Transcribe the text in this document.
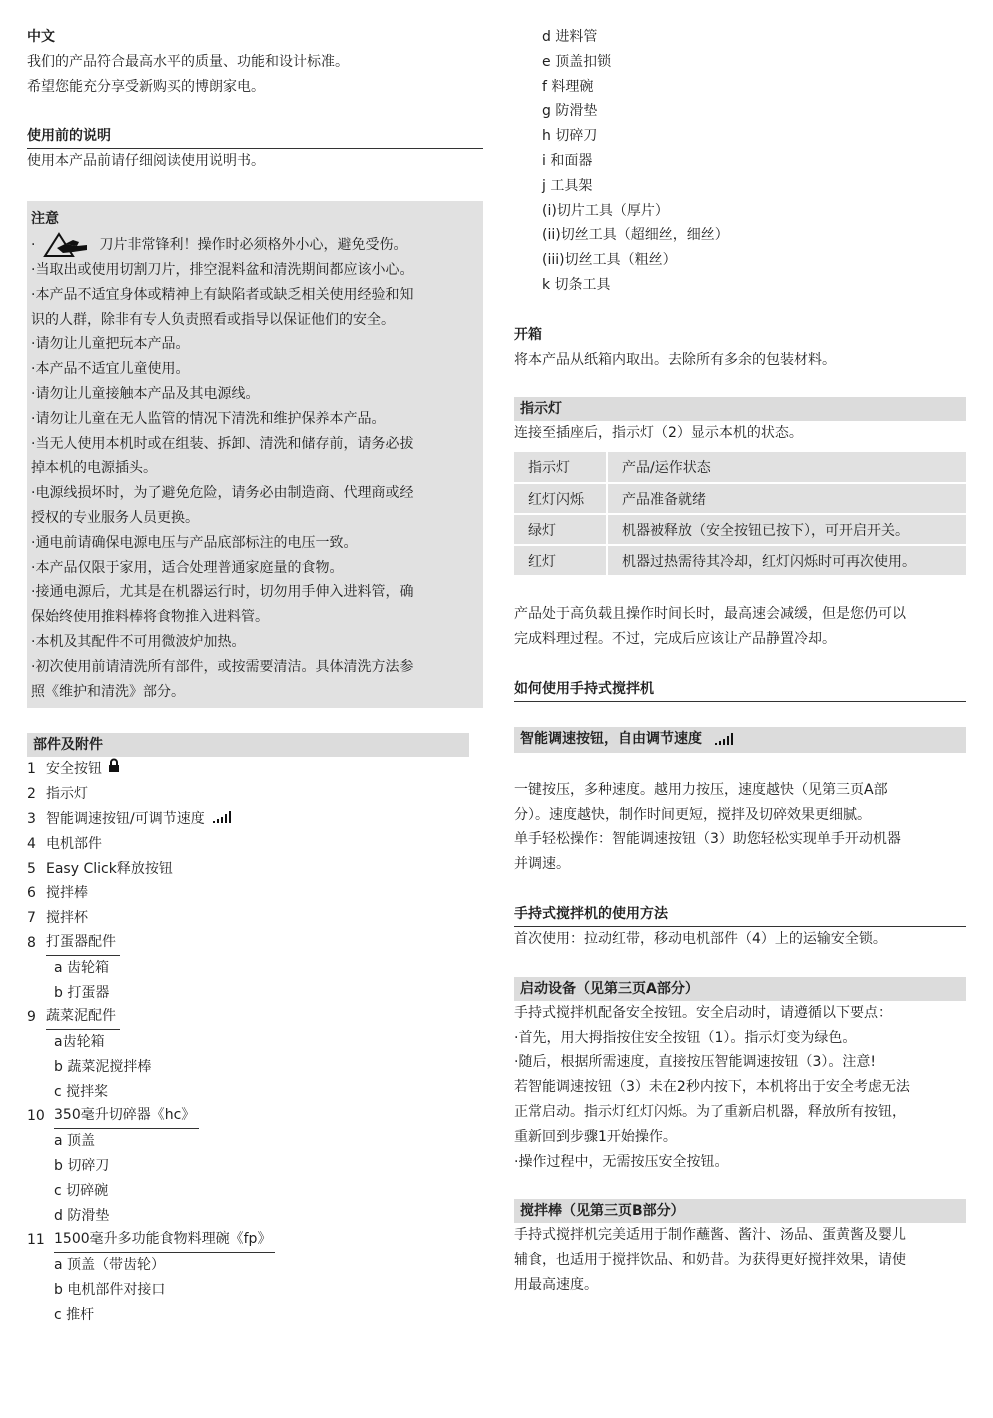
中文
我们的产品符合最高水平的质量、功能和设计标准。
希望您能充分享受新购买的博朗家电。
使用前的说明
使用本产品前请仔细阅读使用说明书。
注意
·	刀片非常锋利！操作时必须格外小心，避免受伤。
·当取出或使用切割刀片，排空混料盆和清洗期间都应该小心。
·本产品不适宜身体或精神上有缺陷者或缺乏相关使用经验和知
识的人群，除非有专人负责照看或指导以保证他们的安全。
·请勿让儿童把玩本产品。
·本产品不适宜儿童使用。
·请勿让儿童接触本产品及其电源线。
·请勿让儿童在无人监管的情况下清洗和维护保养本产品。
·当无人使用本机时或在组装、拆卸、清洗和储存前，请务必拔
掉本机的电源插头。
·电源线损坏时，为了避免危险，请务必由制造商、代理商或经
授权的专业服务人员更换。
·通电前请确保电源电压与产品底部标注的电压一致。
·本产品仅限于家用，适合处理普通家庭量的食物。
·接通电源后，尤其是在机器运行时，切勿用手伸入进料管，确
保始终使用推料棒将食物推入进料管。
·本机及其配件不可用微波炉加热。
·初次使用前请清洗所有部件，或按需要清洁。具体清洗方法参
照《维护和清洗》部分。
部件及附件
1 安全按钮
2 指示灯
3 智能调速按钮/可调节速度
4 电机部件
5 Easy Click释放按钮
6 搅拌棒
7 搅拌杯
8 打蛋器配件
a 齿轮箱
b 打蛋器
9 蔬菜泥配件
a齿轮箱
b 蔬菜泥搅拌棒
c 搅拌桨
10 350毫升切碎器《hc》
a 顶盖
b 切碎刀
c 切碎碗
d 防滑垫
11 1500毫升多功能食物料理碗《fp》
a 顶盖（带齿轮）
b 电机部件对接口
c 推杆
d 进料管
e 顶盖扣锁
f 料理碗
g 防滑垫
h 切碎刀
i 和面器
j 工具架
(i)切片工具（厚片）
(ii)切丝工具（超细丝，细丝）
(iii)切丝工具（粗丝）
k 切条工具
开箱
将本产品从纸箱内取出。去除所有多余的包装材料。
指示灯
连接至插座后，指示灯（2）显示本机的状态。
指示灯	产品/运作状态
红灯闪烁	产品准备就绪
绿灯	机器被释放（安全按钮已按下），可开启开关。
红灯	机器过热需待其冷却，红灯闪烁时可再次使用。
产品处于高负载且操作时间长时，最高速会减缓，但是您仍可以
完成料理过程。不过，完成后应该让产品静置冷却。
如何使用手持式搅拌机
智能调速按钮，自由调节速度
一键按压，多种速度。越用力按压，速度越快（见第三页A部
分）。速度越快，制作时间更短，搅拌及切碎效果更细腻。
单手轻松操作：智能调速按钮（3）助您轻松实现单手开动机器
并调速。
手持式搅拌机的使用方法
首次使用：拉动红带，移动电机部件（4）上的运输安全锁。
启动设备（见第三页A部分）
手持式搅拌机配备安全按钮。安全启动时，请遵循以下要点：
·首先，用大拇指按住安全按钮（1）。指示灯变为绿色。
·随后，根据所需速度，直接按压智能调速按钮（3）。注意!
若智能调速按钮（3）未在2秒内按下，本机将出于安全考虑无法
正常启动。指示灯红灯闪烁。为了重新启机器，释放所有按钮，
重新回到步骤1开始操作。
·操作过程中，无需按压安全按钮。
搅拌棒（见第三页B部分）
手持式搅拌机完美适用于制作蘸酱、酱汁、汤品、蛋黄酱及婴儿
辅食，也适用于搅拌饮品、和奶昔。为获得更好搅拌效果，请使
用最高速度。
